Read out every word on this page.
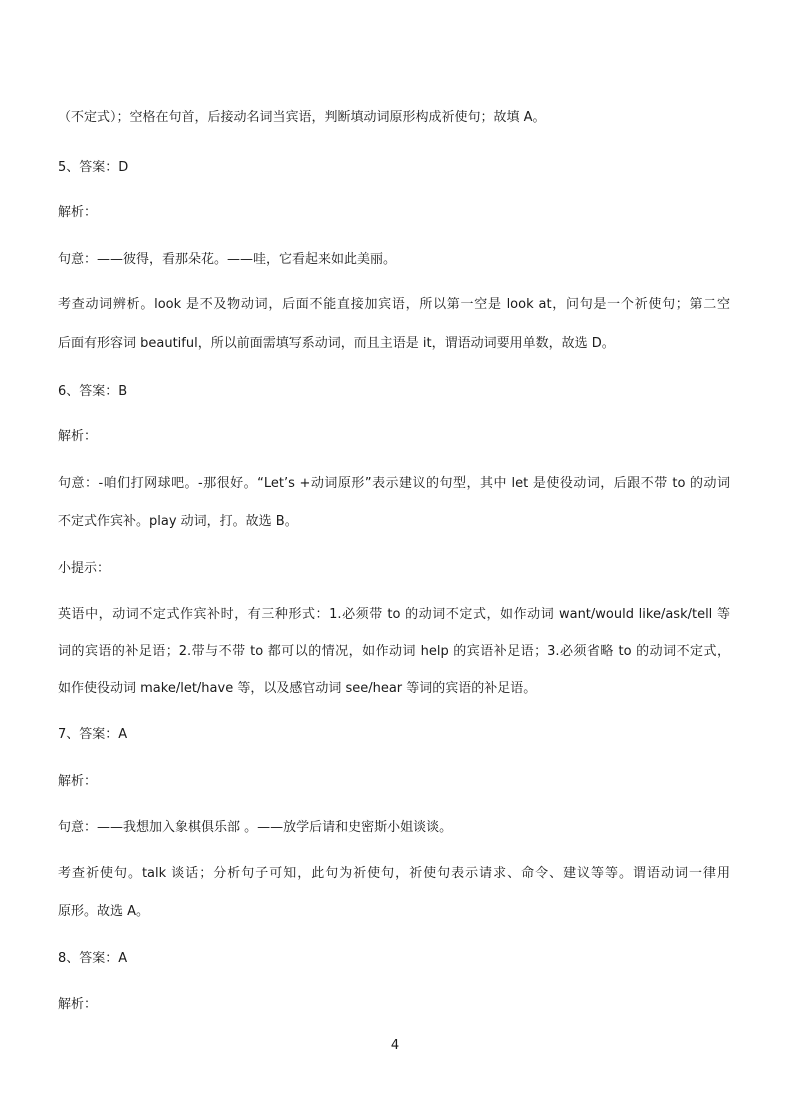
（不定式）；空格在句首，后接动名词当宾语，判断填动词原形构成祈使句；故填 A。
5、答案：D
解析：
句意：——彼得，看那朵花。——哇，它看起来如此美丽。
考查动词辨析。look 是不及物动词，后面不能直接加宾语，所以第一空是 look at，问句是一个祈使句；第二空
后面有形容词 beautiful，所以前面需填写系动词，而且主语是 it，谓语动词要用单数，故选 D。
6、答案：B
解析：
句意：-咱们打网球吧。-那很好。“Let’s +动词原形”表示建议的句型，其中 let 是使役动词，后跟不带 to 的动词
不定式作宾补。play 动词，打。故选 B。
小提示：
英语中，动词不定式作宾补时，有三种形式：1.必须带 to 的动词不定式，如作动词 want/would like/ask/tell 等
词的宾语的补足语；2.带与不带 to 都可以的情况，如作动词 help 的宾语补足语；3.必须省略 to 的动词不定式，
如作使役动词 make/let/have 等，以及感官动词 see/hear 等词的宾语的补足语。
7、答案：A
解析：
句意：——我想加入象棋俱乐部 。——放学后请和史密斯小姐谈谈。
考查祈使句。talk 谈话；分析句子可知，此句为祈使句，祈使句表示请求、命令、建议等等。谓语动词一律用
原形。故选 A。
8、答案：A
解析：
4
